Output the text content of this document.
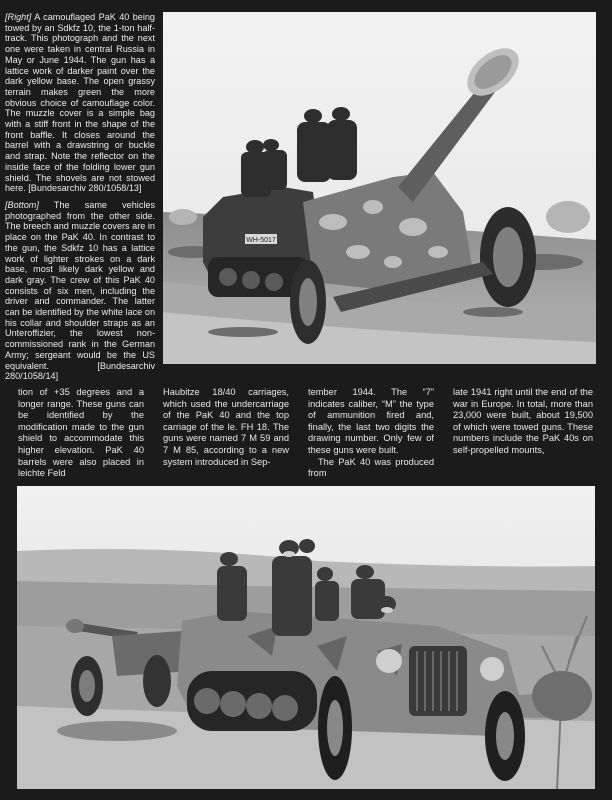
[Right] A camouflaged PaK 40 being towed by an Sdkfz 10, the 1-ton half-track. This photograph and the next one were taken in central Russia in May or June 1944. The gun has a lattice work of darker paint over the dark yellow base. The open grassy terrain makes green the more obvious choice of camouflage color. The muzzle cover is a simple bag with a stiff front in the shape of the front baffle. It closes around the barrel with a drawstring or buckle and strap. Note the reflector on the inside face of the folding lower gun shield. The shovels are not stowed here. [Bundesarchiv 280/1058/13]
[Bottom] The same vehicles photographed from the other side. The breech and muzzle covers are in place on the PaK 40. In contrast to the gun, the Sdkfz 10 has a lattice work of lighter strokes on a dark base, most likely dark yellow and dark gray. The crew of this PaK 40 consists of six men, including the driver and commander. The latter can be identified by the white lace on his collar and shoulder straps as an Unteroffizier, the lowest non-commissioned rank in the German Army; sergeant would be the US equivalent. [Bundesarchiv 280/1058/14]
WH-5017

tion of +35 degrees and a longer range. These guns can be identified by the modification made to the gun shield to accommodate this higher elevation. PaK 40 barrels were also placed in leichte Feld

Haubitze 18/40 carriages, which used the undercarriage of the PaK 40 and the top carriage of the le. FH 18. The guns were named 7 M 59 and 7 M 85, according to a new system introduced in Sep-

tember 1944. The “7” indicates caliber, “M” the type of ammunition fired and, finally, the last two digits the drawing number. Only few of these guns were built.

The PaK 40 was produced from

late 1941 right until the end of the war in Europe. In total, more than 23,000 were built, about 19,500 of which were towed guns. These numbers include the PaK 40s on self-propelled mounts,
